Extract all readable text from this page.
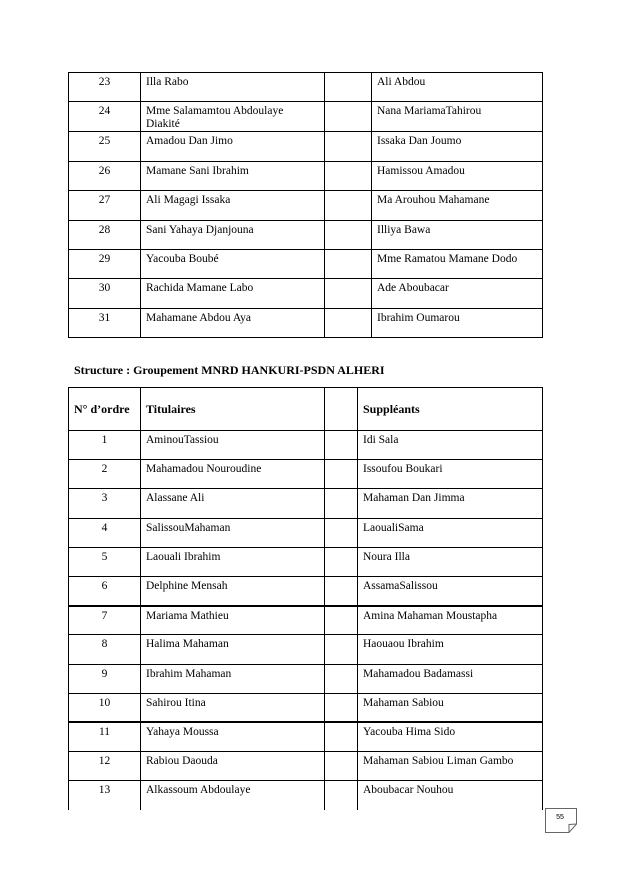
23	Illa Rabo		Ali Abdou
24	Mme Salamamtou Abdoulaye Diakité		Nana MariamaTahirou
25	Amadou Dan Jimo		Issaka Dan Joumo
26	Mamane Sani Ibrahim		Hamissou Amadou
27	Ali Magagi Issaka		Ma Arouhou Mahamane
28	Sani Yahaya Djanjouna		Illiya Bawa
29	Yacouba Boubé		Mme Ramatou Mamane Dodo
30	Rachida Mamane Labo		Ade Aboubacar
31	Mahamane Abdou Aya		Ibrahim Oumarou
Structure : Groupement MNRD HANKURI-PSDN ALHERI
N° d’ordre	Titulaires		Suppléants
1	AminouTassiou		Idi Sala
2	Mahamadou Nouroudine		Issoufou Boukari
3	Alassane Ali		Mahaman Dan Jimma
4	SalissouMahaman		LaoualiSama
5	Laouali Ibrahim		Noura Illa
6	Delphine Mensah		AssamaSalissou
7	Mariama Mathieu		Amina Mahaman Moustapha
8	Halima Mahaman		Haouaou Ibrahim
9	Ibrahim Mahaman		Mahamadou Badamassi
10	Sahirou Itina		Mahaman Sabiou
11	Yahaya Moussa		Yacouba Hima Sido
12	Rabiou Daouda		Mahaman Sabiou Liman Gambo
13	Alkassoum Abdoulaye		Aboubacar Nouhou
55
